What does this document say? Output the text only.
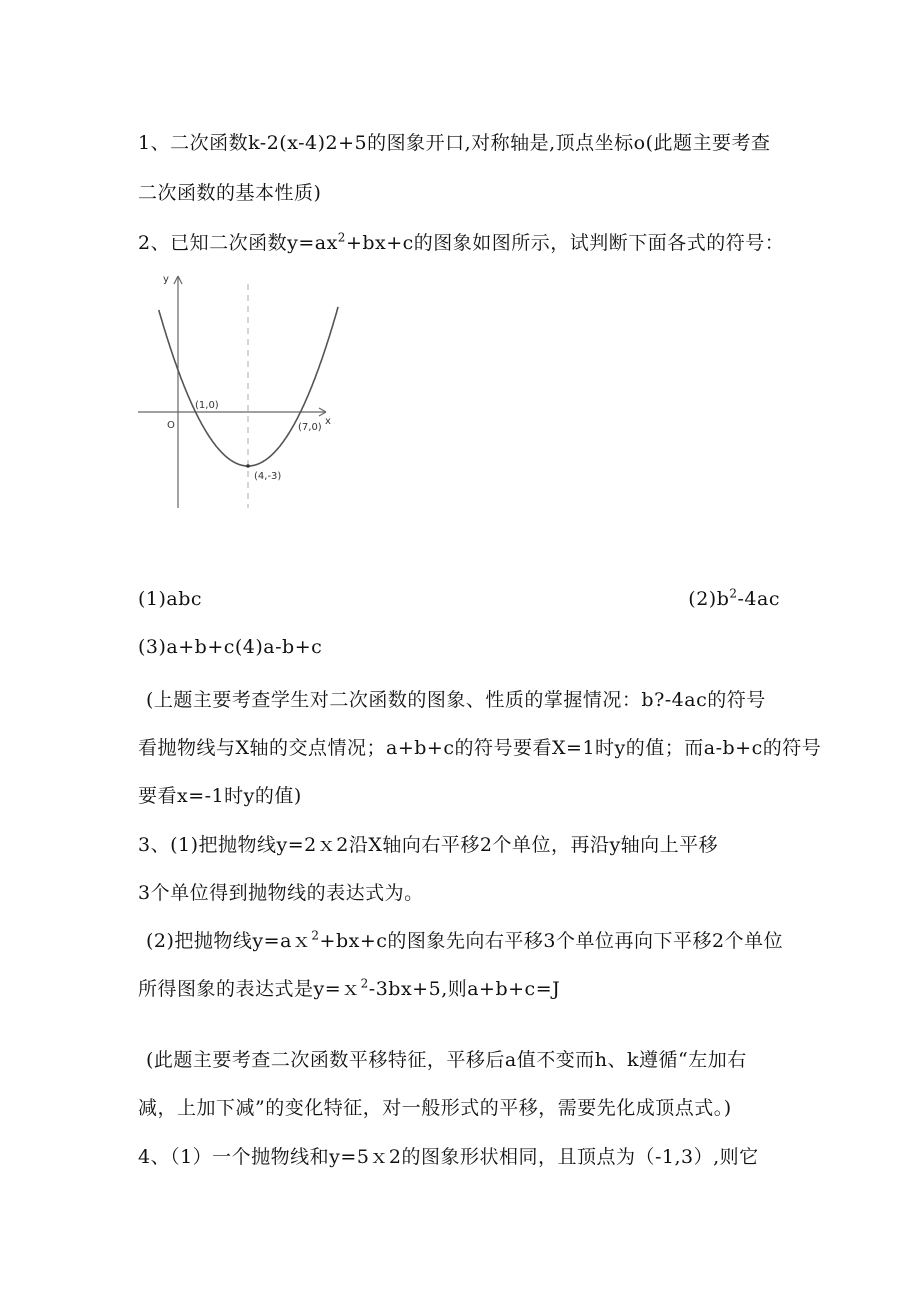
1、二次函数k-2(x-4)2+5的图象开口,对称轴是,顶点坐标o(此题主要考查
二次函数的基本性质)
2、已知二次函数$y=ax^2+bx+c$的图象如图所示，试判断下面各式的符号：
y
x
O
(1,0)
(7,0)
(4,-3)
(1)abc	$(2)b^2-4ac$
(3)a+b+c(4)a-b+c
(上题主要考查学生对二次函数的图象、性质的掌握情况：b?-4ac的符号
看抛物线与X轴的交点情况；a+b+c的符号要看X=1时y的值；而a-b+c的符号
要看x=-1时y的值)
3、(1)把抛物线y=2ｘ2沿X轴向右平移2个单位，再沿y轴向上平移
3个单位得到抛物线的表达式为。
(2)把抛物线y=aｘ$^2$+bx+c的图象先向右平移3个单位再向下平移2个单位
所得图象的表达式是y=ｘ$^2$-3bx+5,则a+b+c=J
(此题主要考查二次函数平移特征，平移后a值不变而h、k遵循“左加右
减，上加下减”的变化特征，对一般形式的平移，需要先化成顶点式。)
4、（1）一个抛物线和y=5ｘ2的图象形状相同，且顶点为（-1,3）,则它
